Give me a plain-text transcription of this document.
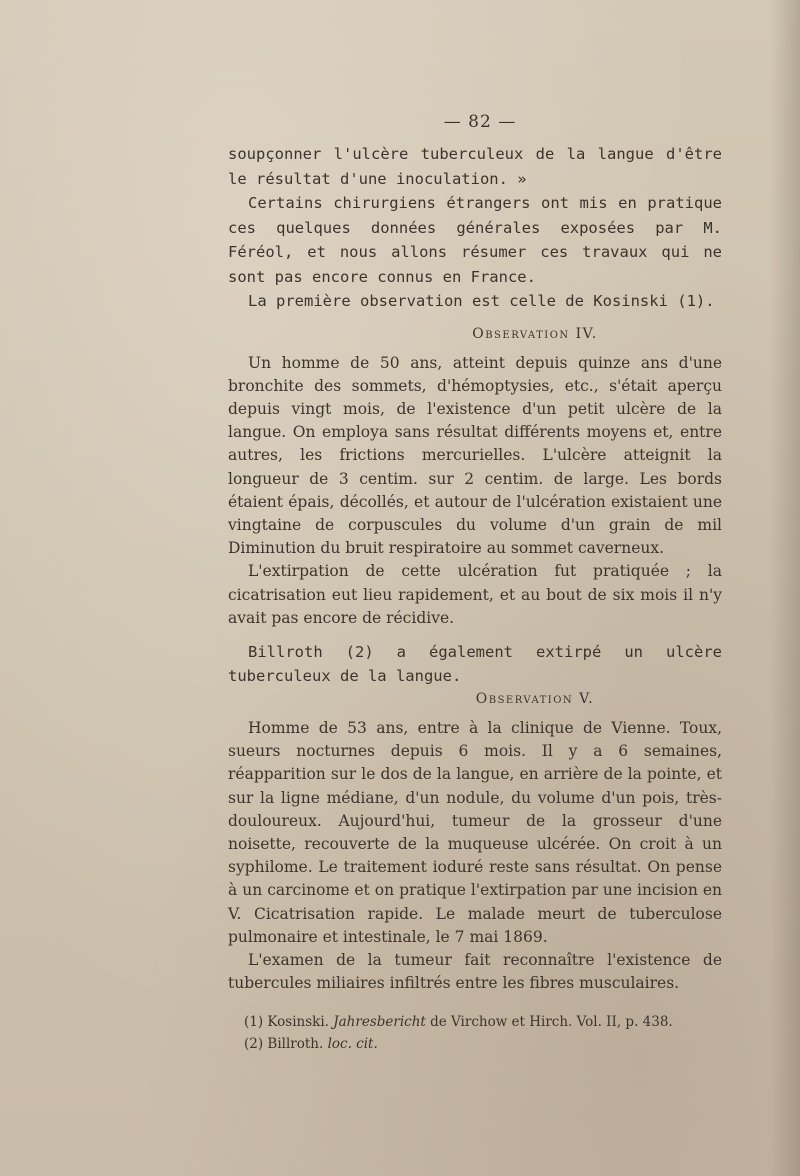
— 82 —

soupçonner l'ulcère tuberculeux de la langue d'être le résultat d'une inoculation. »

Certains chirurgiens étrangers ont mis en pratique ces quelques données générales exposées par M. Féréol, et nous allons résumer ces travaux qui ne sont pas encore connus en France.

La première observation est celle de Kosinski (1).

Observation IV.

Un homme de 50 ans, atteint depuis quinze ans d'une bronchite des sommets, d'hémoptysies, etc., s'était aperçu depuis vingt mois, de l'existence d'un petit ulcère de la langue. On employa sans résultat différents moyens et, entre autres, les frictions mercurielles. L'ulcère atteignit la longueur de 3 centim. sur 2 centim. de large. Les bords étaient épais, décollés, et autour de l'ulcération existaient une vingtaine de corpuscules du volume d'un grain de mil Diminution du bruit respiratoire au sommet caverneux.

L'extirpation de cette ulcération fut pratiquée ; la cicatrisation eut lieu rapidement, et au bout de six mois il n'y avait pas encore de récidive.

Billroth (2) a également extirpé un ulcère tuberculeux de la langue.

Observation V.

Homme de 53 ans, entre à la clinique de Vienne. Toux, sueurs nocturnes depuis 6 mois. Il y a 6 semaines, réapparition sur le dos de la langue, en arrière de la pointe, et sur la ligne médiane, d'un nodule, du volume d'un pois, très-douloureux. Aujourd'hui, tumeur de la grosseur d'une noisette, recouverte de la muqueuse ulcérée. On croit à un syphilome. Le traitement ioduré reste sans résultat. On pense à un carcinome et on pratique l'extirpation par une incision en V. Cicatrisation rapide. Le malade meurt de tuberculose pulmonaire et intestinale, le 7 mai 1869.

L'examen de la tumeur fait reconnaître l'existence de tubercules miliaires infiltrés entre les fibres musculaires.

(1) Kosinski. Jahresbericht de Virchow et Hirch. Vol. II, p. 438.

(2) Billroth. loc. cit.
